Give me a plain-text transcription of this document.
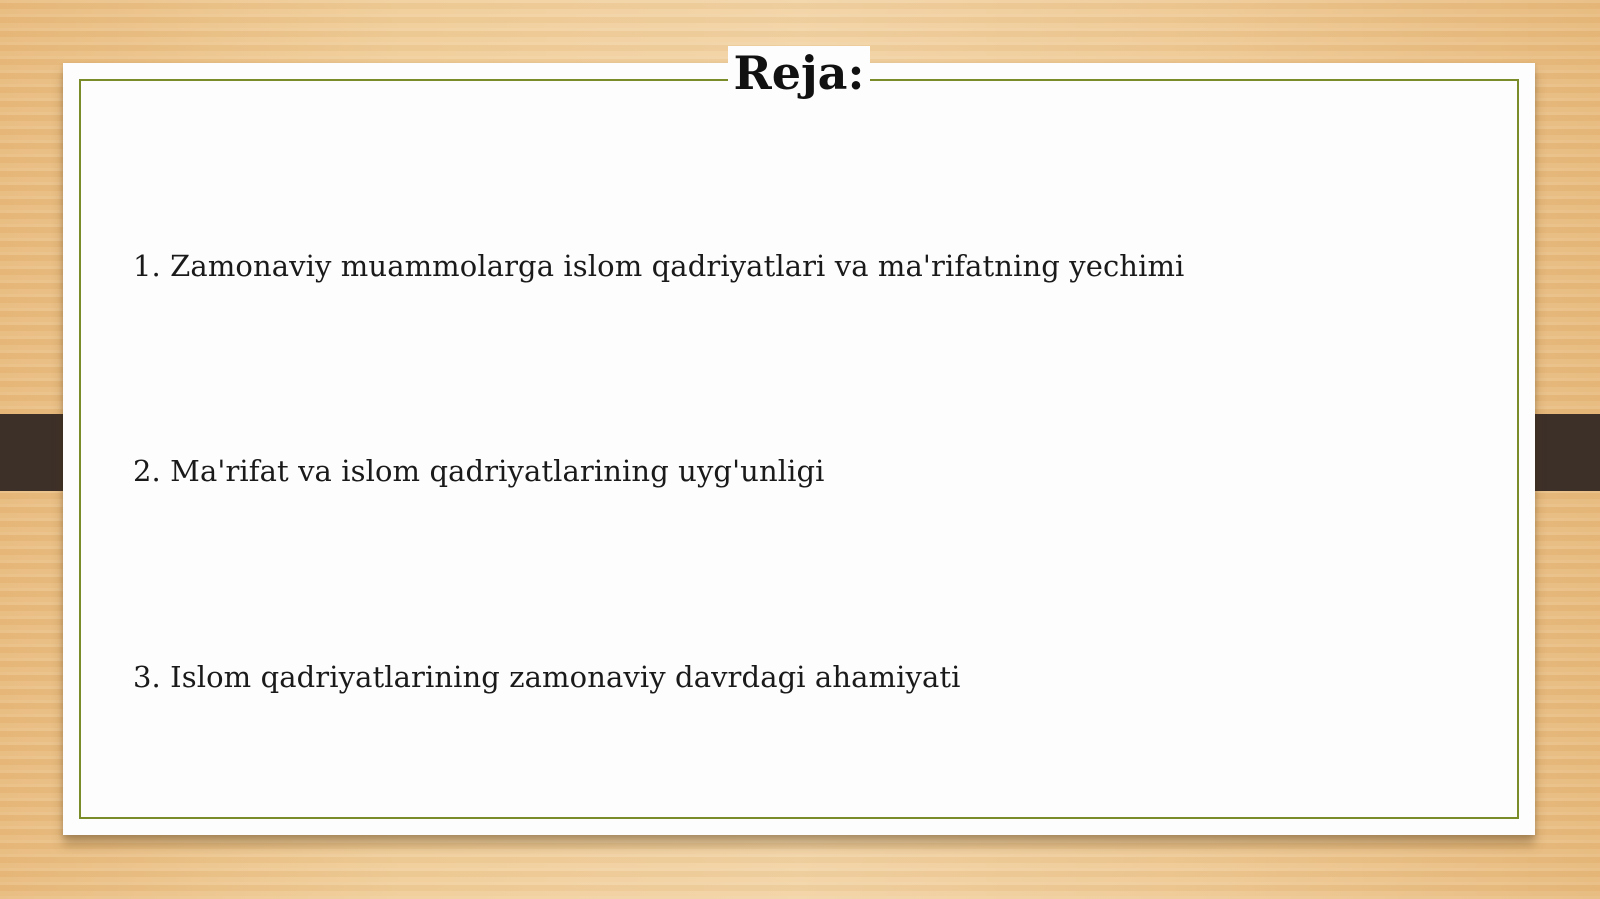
Reja:
1. Zamonaviy muammolarga islom qadriyatlari va ma'rifatning yechimi
2. Ma'rifat va islom qadriyatlarining uyg'unligi
3. Islom qadriyatlarining zamonaviy davrdagi ahamiyati
